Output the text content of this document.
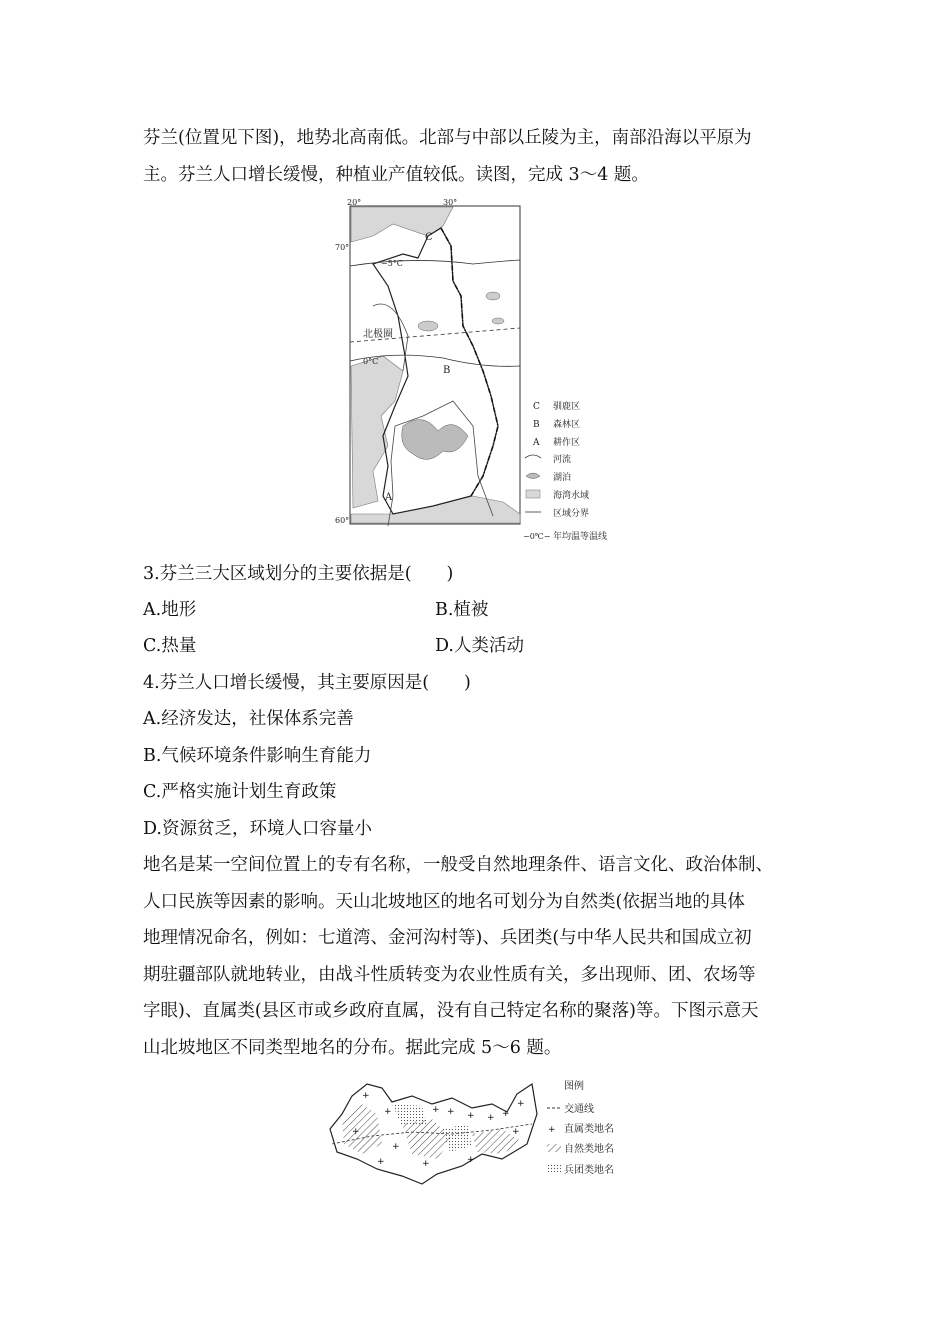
芬兰(位置见下图)，地势北高南低。北部与中部以丘陵为主，南部沿海以平原为

主。芬兰人口增长缓慢，种植业产值较低。读图，完成 3～4 题。

20°	30°
70°
60°
北极圈
−5°C
0°C
C
B
A
C 驯鹿区
B 森林区
A 耕作区
河流
湖泊
海湾水域
区域分界
−0℃− 年均温等温线

3.芬兰三大区域划分的主要依据是(　　)

A.地形	B.植被

C.热量	D.人类活动

4.芬兰人口增长缓慢，其主要原因是(　　)

A.经济发达，社保体系完善

B.气候环境条件影响生育能力

C.严格实施计划生育政策

D.资源贫乏，环境人口容量小

地名是某一空间位置上的专有名称，一般受自然地理条件、语言文化、政治体制、

人口民族等因素的影响。天山北坡地区的地名可划分为自然类(依据当地的具体

地理情况命名，例如：七道湾、金河沟村等)、兵团类(与中华人民共和国成立初

期驻疆部队就地转业，由战斗性质转变为农业性质有关，多出现师、团、农场等

字眼)、直属类(县区市或乡政府直属，没有自己特定名称的聚落)等。下图示意天

山北坡地区不同类型地名的分布。据此完成 5～6 题。

+
+	+ + + + +
+
+
+
+	+
+
+
图例
交通线
+ 直属类地名
自然类地名
兵团类地名
